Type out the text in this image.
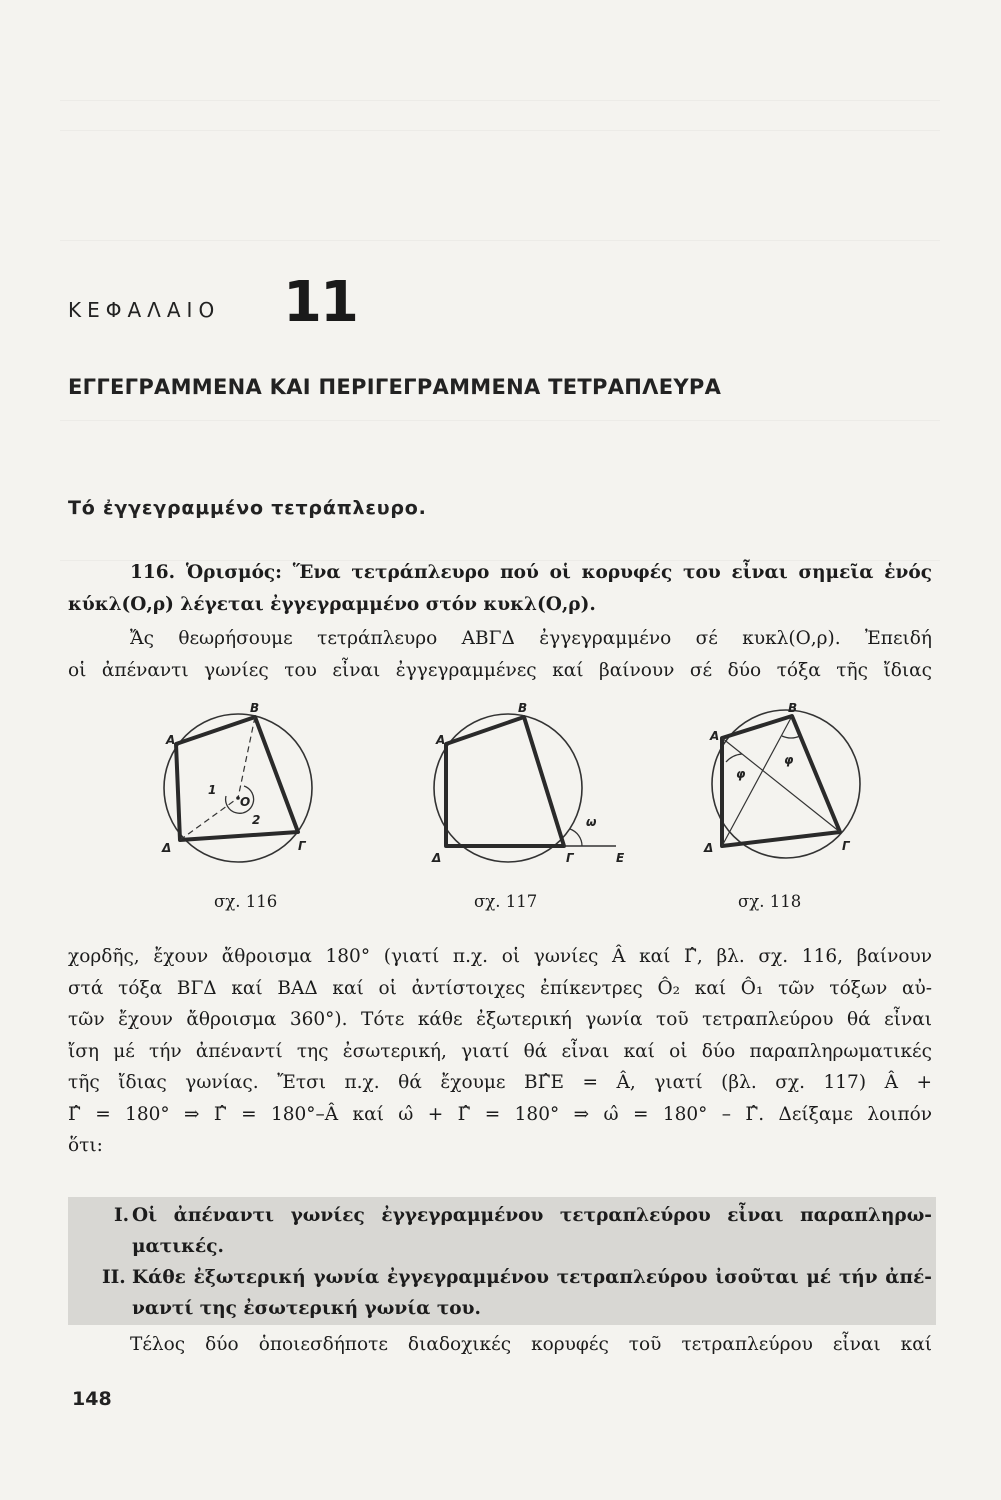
ΚΕΦΑΛΑΙΟ 11
ΕΓΓΕΓΡΑΜΜΕΝΑ ΚΑΙ ΠΕΡΙΓΕΓΡΑΜΜΕΝΑ ΤΕΤΡΑΠΛΕΥΡΑ
Τό ἐγγεγραμμένο τετράπλευρο.

116. Ὁρισμός: Ἕνα τετράπλευρο πού οἱ κορυφές του εἶναι σημεῖα ἑνός

κύκλ(Ο,ρ) λέγεται ἐγγεγραμμένο στόν κυκλ(Ο,ρ).

Ἄς θεωρήσουμε τετράπλευρο ΑΒΓΔ ἐγγεγραμμένο σέ κυκλ(Ο,ρ). Ἐπειδή

οἱ ἀπέναντι γωνίες του εἶναι ἐγγεγραμμένες καί βαίνουν σέ δύο τόξα τῆς ἴδιας

A
B
Γ
Δ
O
1
2
A
B
Γ
Δ	E
ω
A
B
Γ
Δ
φ
φ
σχ. 116	σχ. 117	σχ. 118

χορδῆς, ἔχουν ἄθροισμα 180° (γιατί π.χ. οἱ γωνίες Â καί Γ̂, βλ. σχ. 116, βαίνουν

στά τόξα ΒΓΔ καί ΒΑΔ καί οἱ ἀντίστοιχες ἐπίκεντρες Ô₂ καί Ô₁ τῶν τόξων αὐ-

τῶν ἔχουν ἄθροισμα 360°). Τότε κάθε ἐξωτερική γωνία τοῦ τετραπλεύρου θά εἶναι

ἴση μέ τήν ἀπέναντί της ἐσωτερική, γιατί θά εἶναι καί οἱ δύο παραπληρωματικές

τῆς ἴδιας γωνίας. Ἔτσι π.χ. θά ἔχουμε ΒΓ̂Ε = Â, γιατί (βλ. σχ. 117) Â +

Γ̂ = 180° ⇒ Γ̂ = 180°–Â καί ω̂ + Γ̂ = 180° ⇒ ω̂ = 180° – Γ̂. Δείξαμε λοιπόν

ὅτι:

I. Οἱ ἀπέναντι γωνίες ἐγγεγραμμένου τετραπλεύρου εἶναι παραπληρω-
ματικές.
II. Κάθε ἐξωτερική γωνία ἐγγεγραμμένου τετραπλεύρου ἰσοῦται μέ τήν ἀπέ-
ναντί της ἐσωτερική γωνία του.

Τέλος δύο ὁποιεσδήποτε διαδοχικές κορυφές τοῦ τετραπλεύρου εἶναι καί

148
